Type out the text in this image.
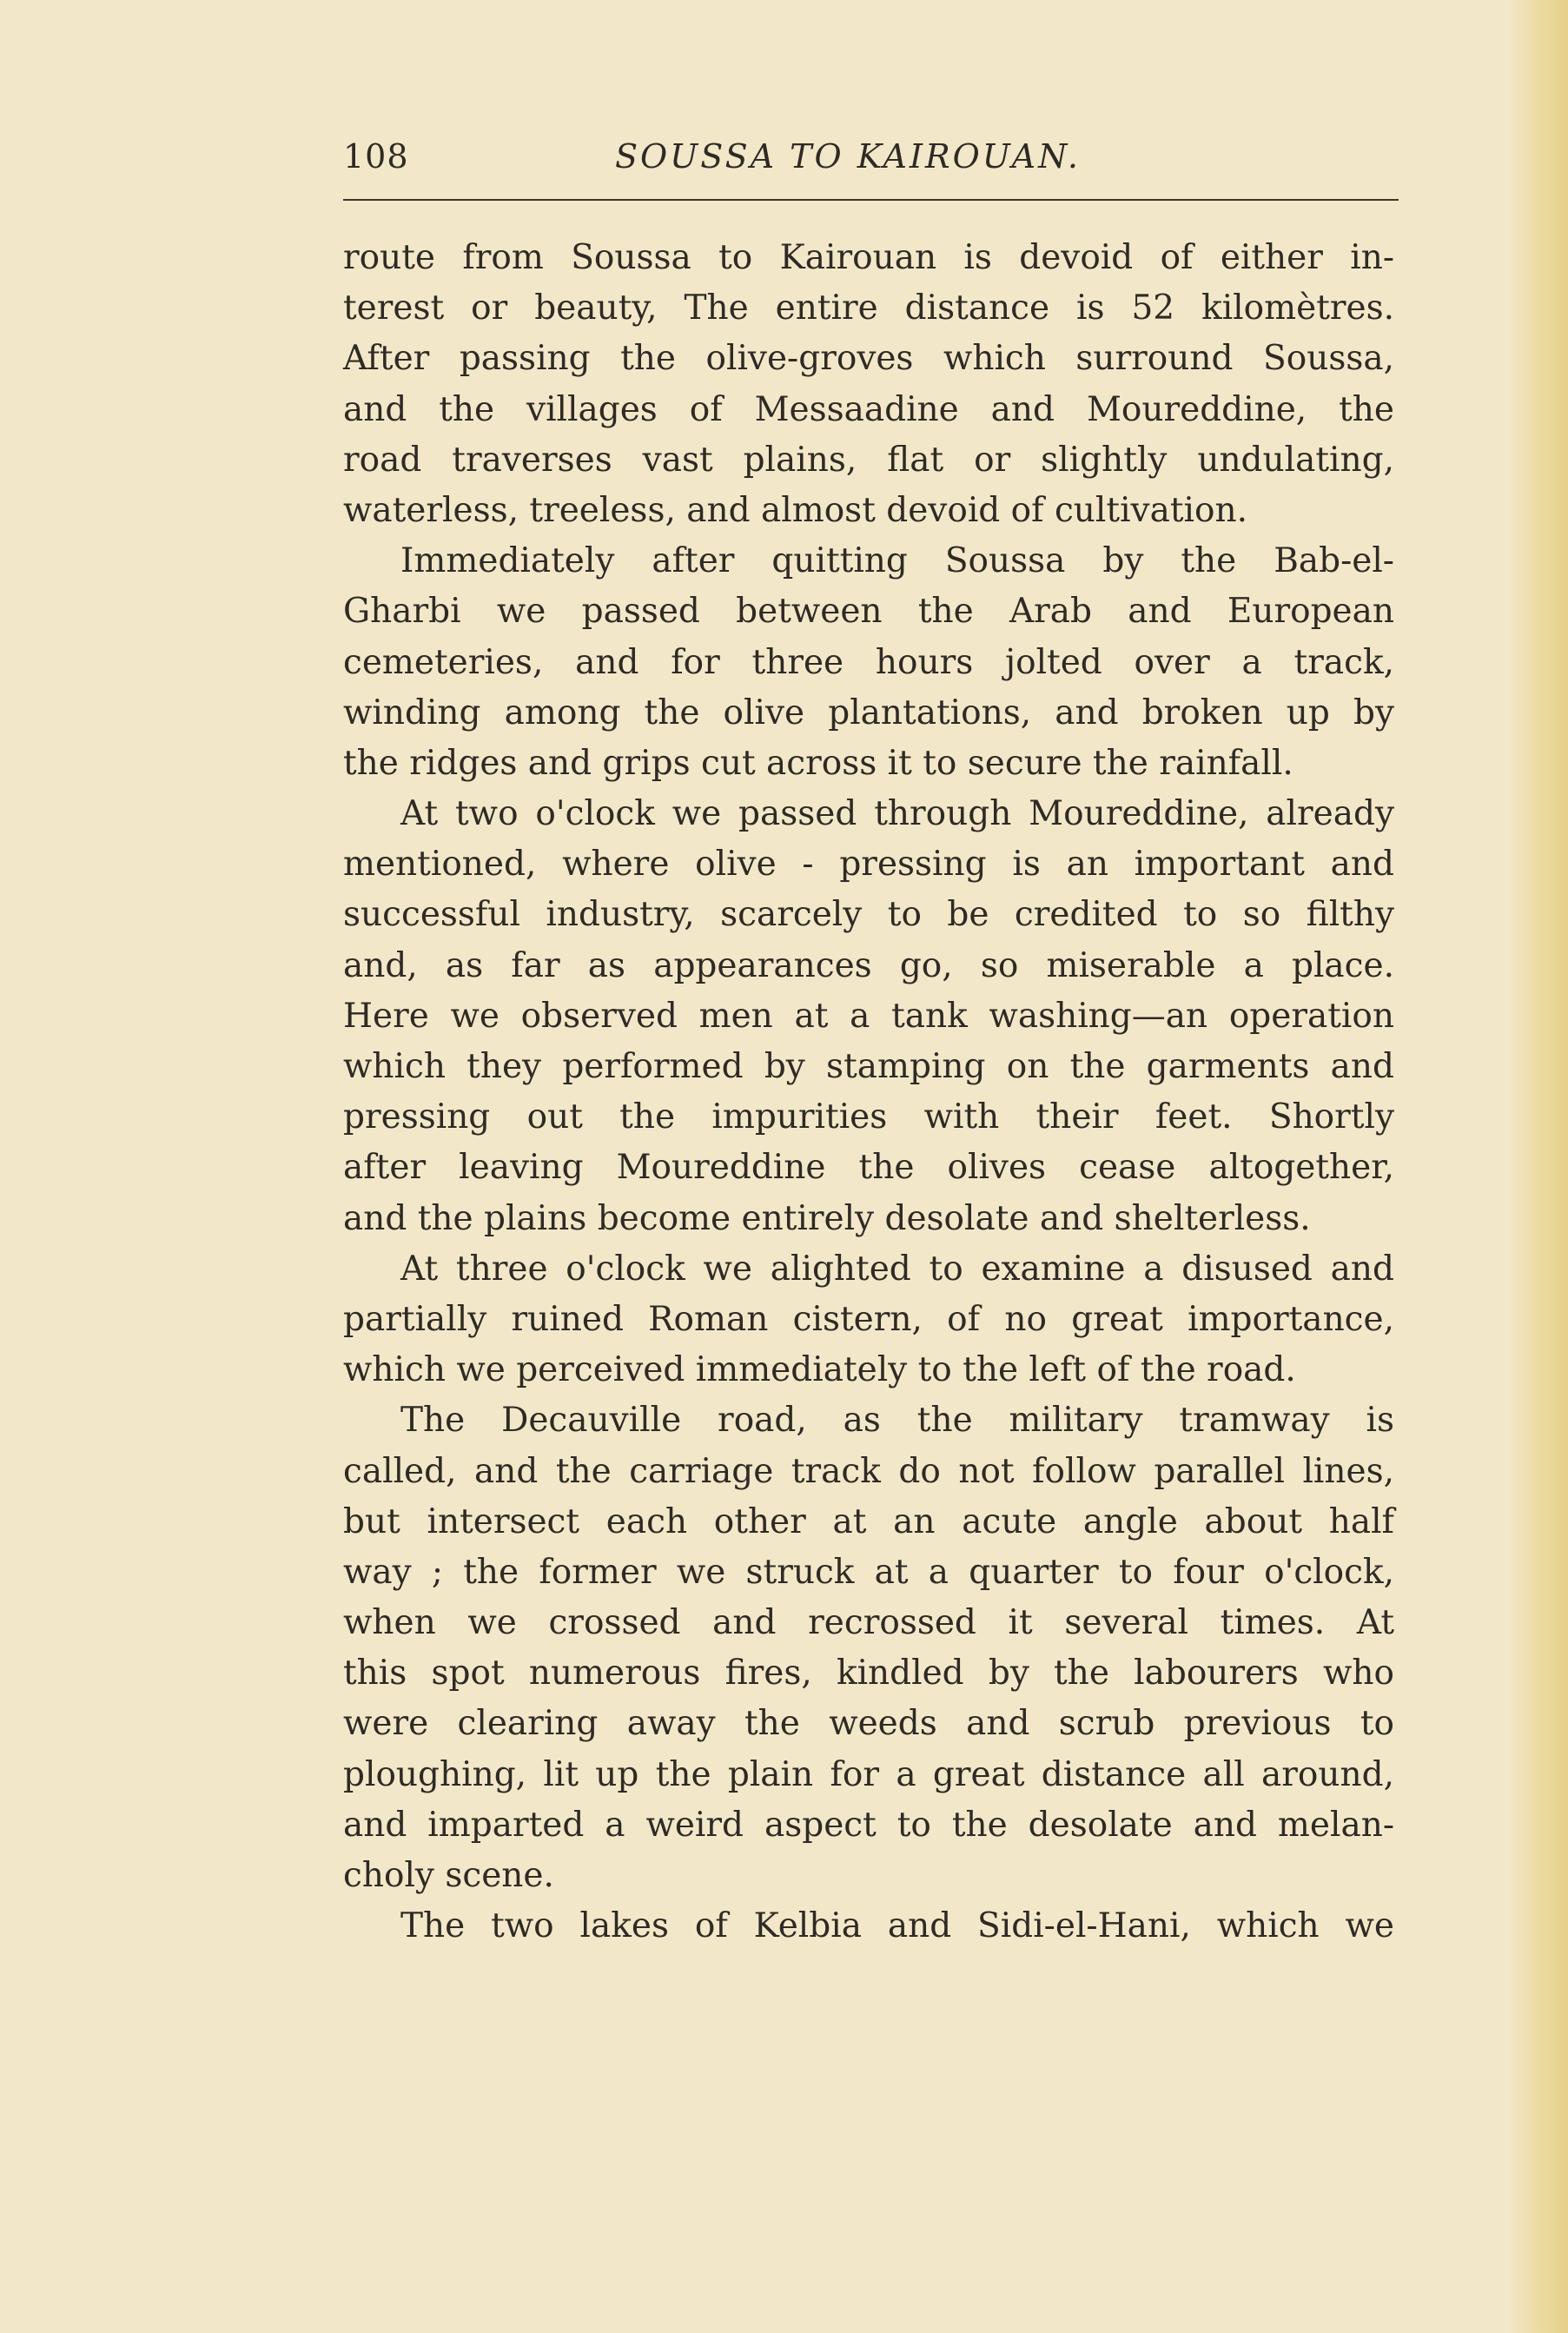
108	SOUSSA TO KAIROUAN.
route from Soussa to Kairouan is devoid of either in-
terest or beauty, The entire distance is 52 kilomètres.
After passing the olive-groves which surround Soussa,
and the villages of Messaadine and Moureddine, the
road traverses vast plains, flat or slightly undulating,
waterless, treeless, and almost devoid of cultivation.
Immediately after quitting Soussa by the Bab-el-
Gharbi we passed between the Arab and European
cemeteries, and for three hours jolted over a track,
winding among the olive plantations, and broken up by
the ridges and grips cut across it to secure the rainfall.
At two o'clock we passed through Moureddine, already
mentioned, where olive - pressing is an important and
successful industry, scarcely to be credited to so filthy
and, as far as appearances go, so miserable a place.
Here we observed men at a tank washing—an operation
which they performed by stamping on the garments and
pressing out the impurities with their feet. Shortly
after leaving Moureddine the olives cease altogether,
and the plains become entirely desolate and shelterless.
At three o'clock we alighted to examine a disused and
partially ruined Roman cistern, of no great importance,
which we perceived immediately to the left of the road.
The Decauville road, as the military tramway is
called, and the carriage track do not follow parallel lines,
but intersect each other at an acute angle about half
way ; the former we struck at a quarter to four o'clock,
when we crossed and recrossed it several times. At
this spot numerous fires, kindled by the labourers who
were clearing away the weeds and scrub previous to
ploughing, lit up the plain for a great distance all around,
and imparted a weird aspect to the desolate and melan-
choly scene.
The two lakes of Kelbia and Sidi-el-Hani, which we
